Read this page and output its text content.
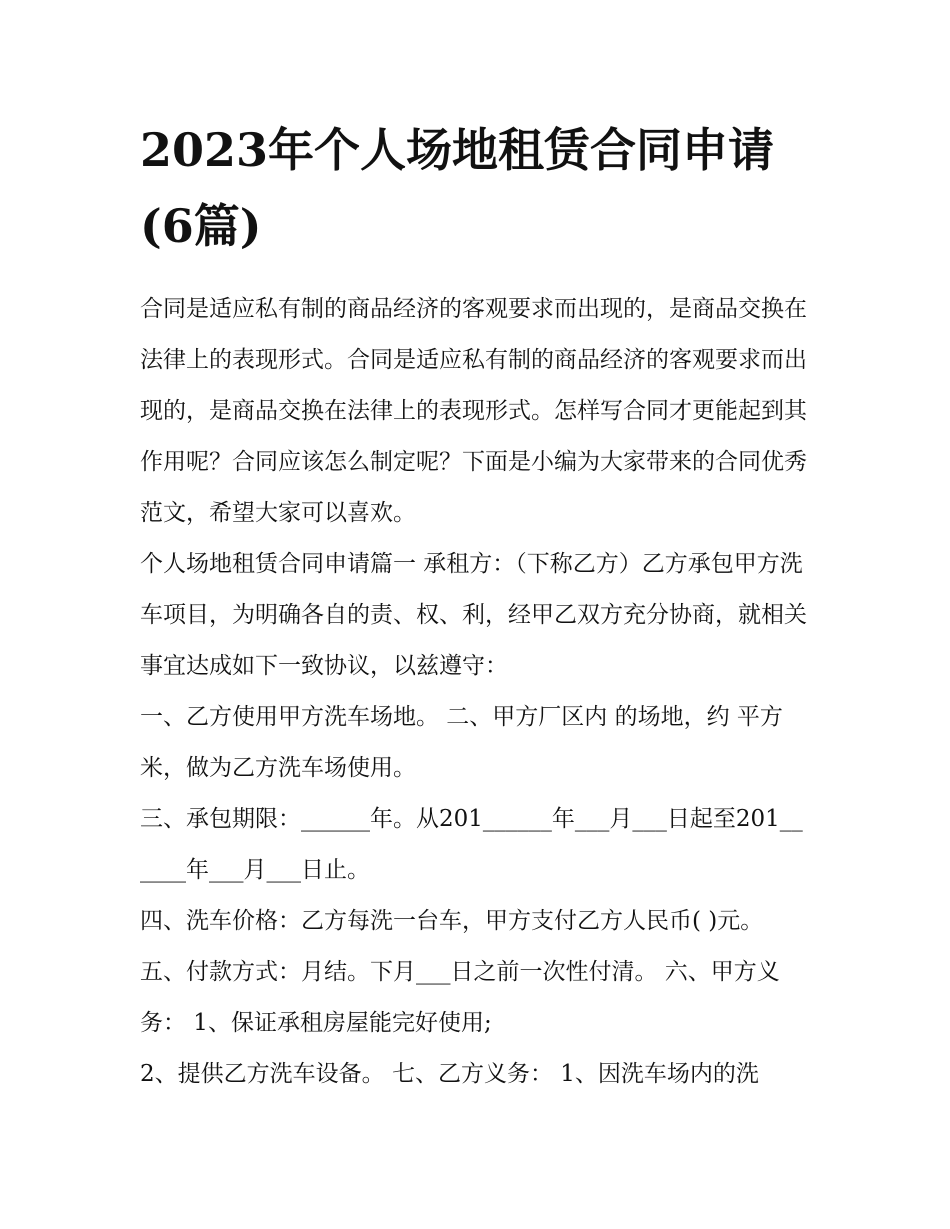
2023年个人场地租赁合同申请(6篇)

合同是适应私有制的商品经济的客观要求而出现的，是商品交换在法律上的表现形式。合同是适应私有制的商品经济的客观要求而出现的，是商品交换在法律上的表现形式。怎样写合同才更能起到其作用呢？合同应该怎么制定呢？下面是小编为大家带来的合同优秀范文，希望大家可以喜欢。

个人场地租赁合同申请篇一 承租方：（下称乙方）乙方承包甲方洗车项目，为明确各自的责、权、利，经甲乙双方充分协商，就相关事宜达成如下一致协议，以兹遵守：

一、乙方使用甲方洗车场地。 二、甲方厂区内 的场地，约 平方米，做为乙方洗车场使用。

三、承包期限：______年。从201______年___月___日起至201______年___月___日止。

四、洗车价格：乙方每洗一台车，甲方支付乙方人民币( )元。

五、付款方式：月结。下月___日之前一次性付清。 六、甲方义务： 1、保证承租房屋能完好使用;

2、提供乙方洗车设备。 七、乙方义务： 1、因洗车场内的洗
